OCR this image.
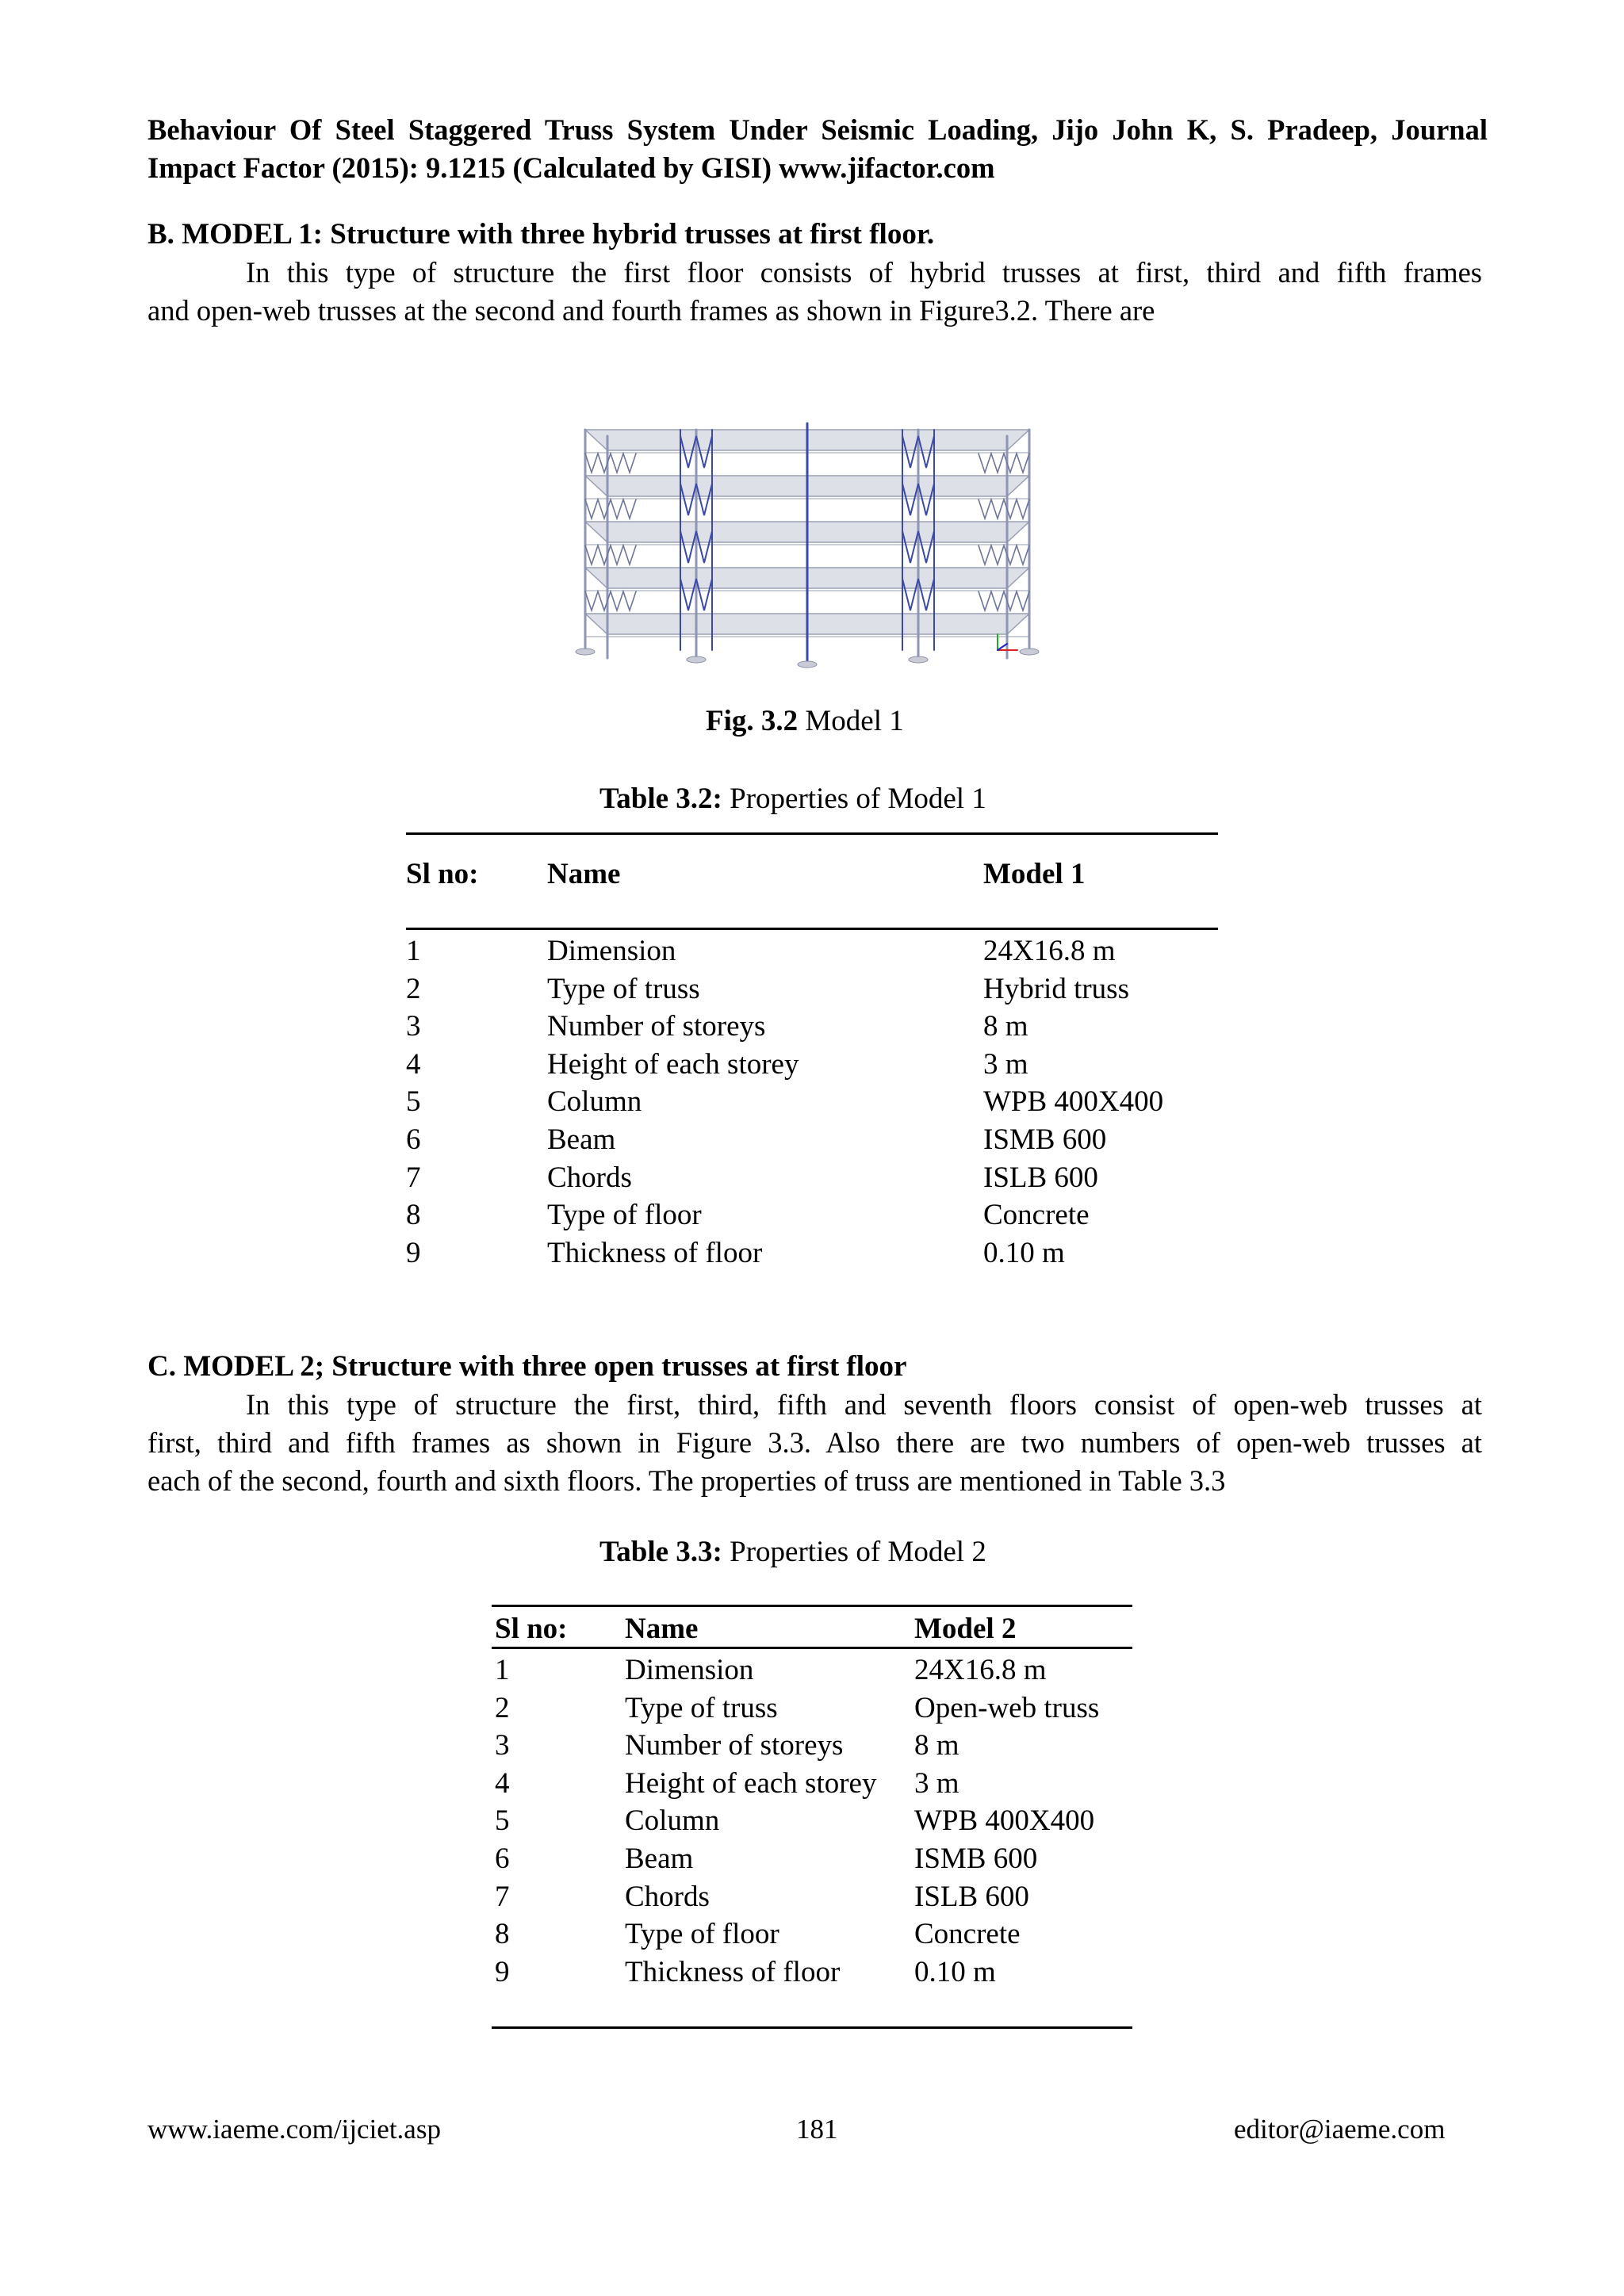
Behaviour Of Steel Staggered Truss System Under Seismic Loading, Jijo John K, S. Pradeep, Journal
Impact Factor (2015): 9.1215 (Calculated by GISI) www.jifactor.com
B. MODEL 1: Structure with three hybrid trusses at first floor.
In this type of structure the first floor consists of hybrid trusses at first, third and fifth frames
and open-web trusses at the second and fourth frames as shown in Figure3.2. There are
Fig. 3.2 Model 1
Table 3.2: Properties of Model 1
Sl no: Name	Model 1
1	Dimension	24X16.8 m
2	Type of truss	Hybrid truss
3	Number of storeys	8 m
4	Height of each storey	3 m
5	Column	WPB 400X400
6	Beam	ISMB 600
7	Chords	ISLB 600
8	Type of floor	Concrete
9	Thickness of floor	0.10 m
C. MODEL 2; Structure with three open trusses at first floor
In this type of structure the first, third, fifth and seventh floors consist of open-web trusses at
first, third and fifth frames as shown in Figure 3.3. Also there are two numbers of open-web trusses at
each of the second, fourth and sixth floors. The properties of truss are mentioned in Table 3.3
Table 3.3: Properties of Model 2
Sl no: Name	Model 2
1	Dimension	24X16.8 m
2	Type of truss	Open-web truss
3	Number of storeys 8 m
4	Height of each storey 3 m
5	Column	WPB 400X400
6	Beam	ISMB 600
7	Chords	ISLB 600
8	Type of floor	Concrete
9	Thickness of floor	0.10 m
www.iaeme.com/ijciet.asp	181	editor@iaeme.com
